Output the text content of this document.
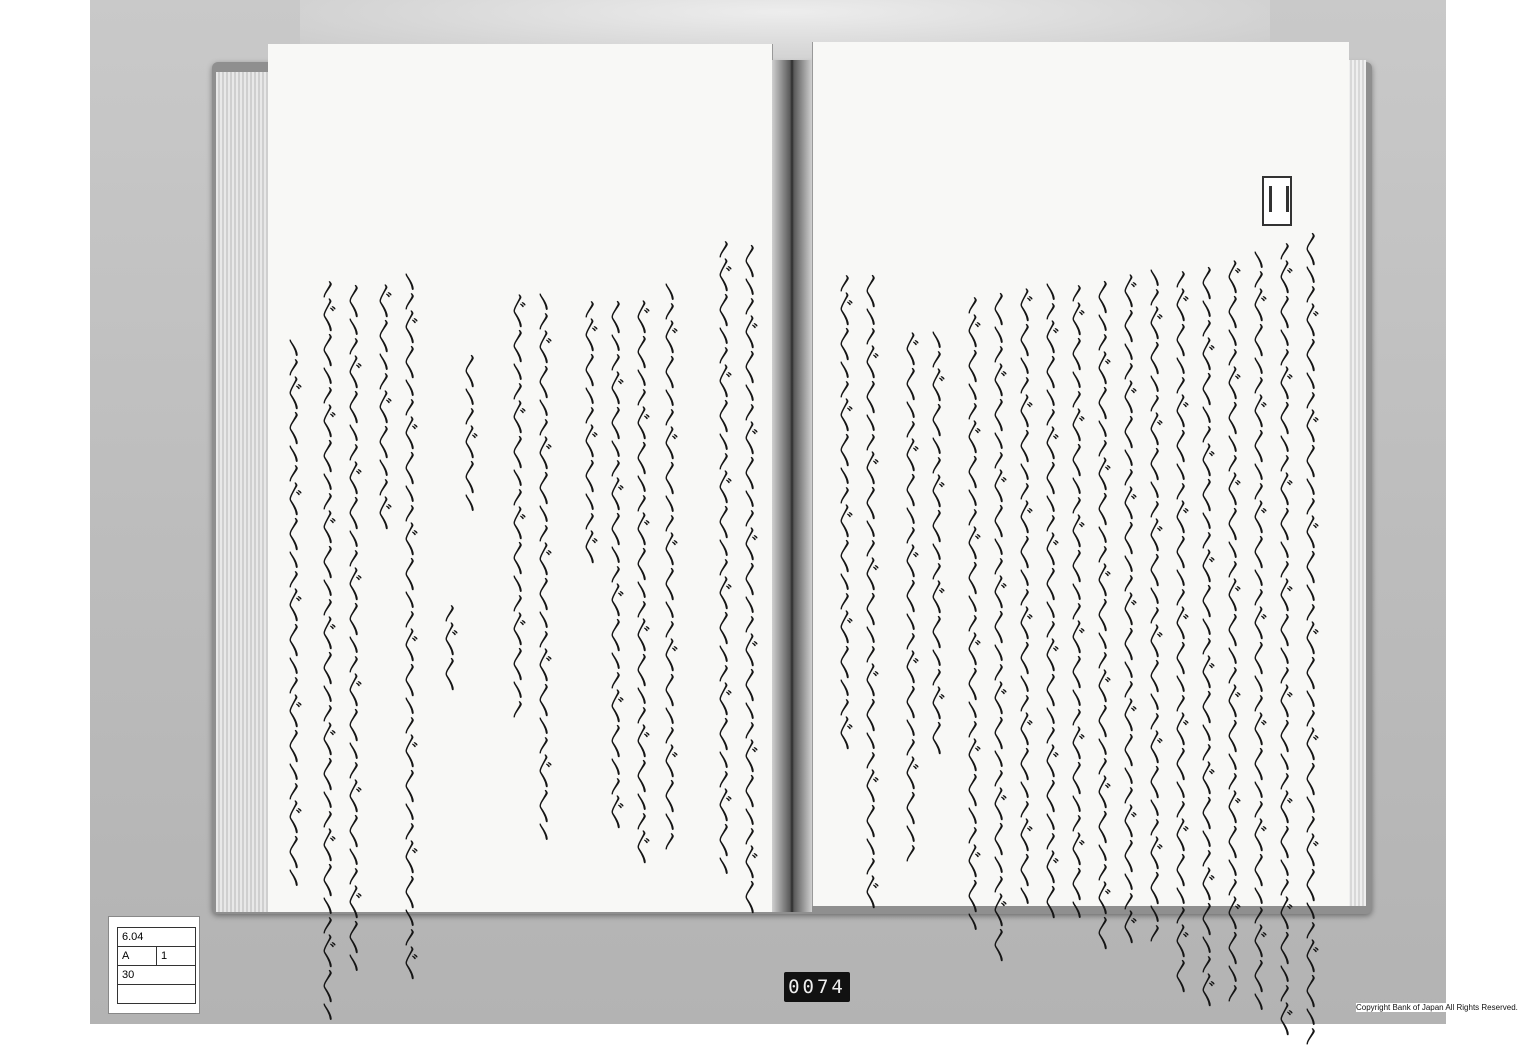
〱〵〳〲〱〵〳〲〱〵〳〲〱〵〳〲〱〵〳〲〱〵〳〲〱
〳〲〱〵〳〲〱〵〳〲〱〵〳〲〱〵〳〲〱〵〳〲〱〵
〵〳〲〱〵〳〲〱〵〳〲〱〵〳〲〱〵〳〲〱〵〳
〲〱〵〳〲〱〵〳〲〱〵〳〲〱〵〳〲〱〵〳〲
〱〵〳〲〱〵〳〲〱〵〳〲〱〵〳〲〱〵〳〲
〳〲〱〵〳〲〱〵〳〲
〵〳〲〱〵〳〲〱〵〳〲〱〵〳〲〱〵〳〲〱〵
〲〱〵〳〲〱〵〳〲〱〵〳〲〱〵〳
〱〵〳〲〱〵
〳〲〱
〵〳〲〱〵〳〲〱〵〳〲〱〵〳〲〱〵〳〲〱〵〳〲〱〵〳〲
〲〱〵〳〲〱〵〳〲
〱〵〳〲〱〵〳〲〱〵〳〲〱〵〳〲〱〵〳〲〱〵〳〲〱〵
〳〲〱〵〳〲〱〵〳〲〱〵〳〲〱〵〳〲〱〵〳〲〱〵〳〲〱〵
〵〳〲〱〵〳〲〱〵〳〲〱〵〳〲〱〵〳〲〱〵	〱〵〳〲〱〵〳〲〱〵〳〲〱〵〳〲〱〵〳〲〱〵〳〲〱〵〳〲〱〵〳
〳〲〱〵〳〲〱〵〳〲〱〵〳〲〱〵〳〲〱〵〳〲〱〵〳〲〱〵〳〲
〵〳〲〱〵〳〲〱〵〳〲〱〵〳〲〱〵〳〲〱〵〳〲〱〵〳〲〱〵
〲〱〵〳〲〱〵〳〲〱〵〳〲〱〵〳〲〱〵〳〲〱〵〳〲〱〵〳
〱〵〳〲〱〵〳〲〱〵〳〲〱〵〳〲〱〵〳〲〱〵〳〲〱〵〳〲
〳〲〱〵〳〲〱〵〳〲〱〵〳〲〱〵〳〲〱〵〳〲〱〵〳〲〱
〵〳〲〱〵〳〲〱〵〳〲〱〵〳〲〱〵〳〲〱〵〳〲〱〵〳
〲〱〵〳〲〱〵〳〲〱〵〳〲〱〵〳〲〱〵〳〲〱〵〳〲
〱〵〳〲〱〵〳〲〱〵〳〲〱〵〳〲〱〵〳〲〱〵〳〲〱
〳〲〱〵〳〲〱〵〳〲〱〵〳〲〱〵〳〲〱〵〳〲〱〵
〵〳〲〱〵〳〲〱〵〳〲〱〵〳〲〱〵〳〲〱〵〳〲〱
〲〱〵〳〲〱〵〳〲〱〵〳〲〱〵〳〲〱〵〳〲〱〵
〱〵〳〲〱〵〳〲〱〵〳〲〱〵〳〲〱〵〳〲〱〵〳〲〱
〳〲〱〵〳〲〱〵〳〲〱〵〳〲〱〵〳〲〱〵〳〲〱〵
〵〳〲〱〵〳〲〱〵〳〲〱〵〳〲〱
〲〱〵〳〲〱〵〳〲〱〵〳〲〱〵〳〲〱〵〳
〱〵〳〲〱〵〳〲〱〵〳〲〱〵〳〲〱〵〳〲〱〵〳〲
〳〲〱〵〳〲〱〵〳〲〱〵〳〲〱〵〳〲
6.04
A	1
30

0074
Copyright Bank of Japan All Rights Reserved.
